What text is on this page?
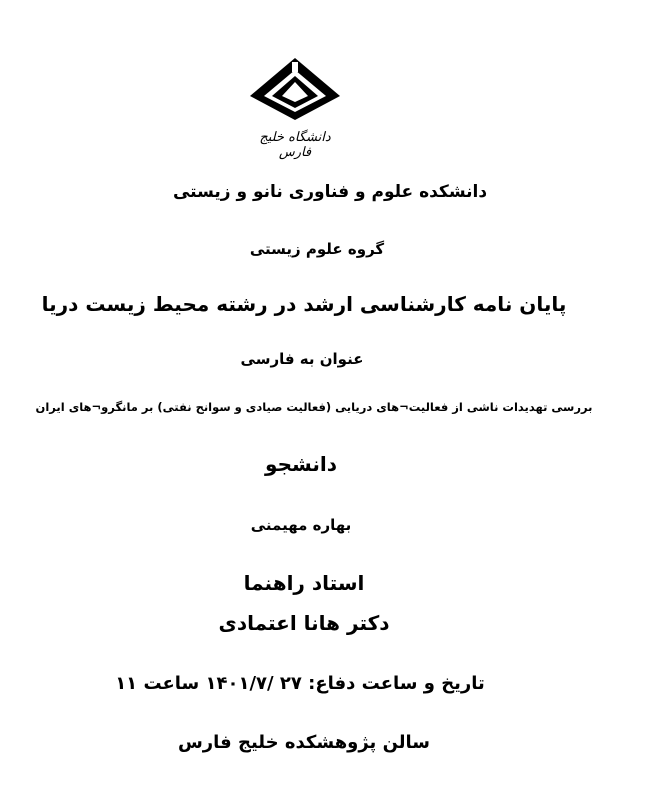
دانشگاه خلیج فارس
دانشکده علوم و فناوری نانو و زیستی
گروه علوم زیستی
پایان نامه کارشناسی ارشد در رشته محیط زیست دریا
عنوان به فارسی
بررسی تهدیدات ناشی از فعالیت¬های دریایی (فعالیت صیادی و سوانح نفتی) بر مانگرو¬های ایران
دانشجو
بهاره مهیمنی
استاد راهنما
دکتر هانا اعتمادی
تاریخ و ساعت دفاع: ۲۷ /۱۴۰۱/۷ ساعت ۱۱
سالن پژوهشکده خلیج فارس
